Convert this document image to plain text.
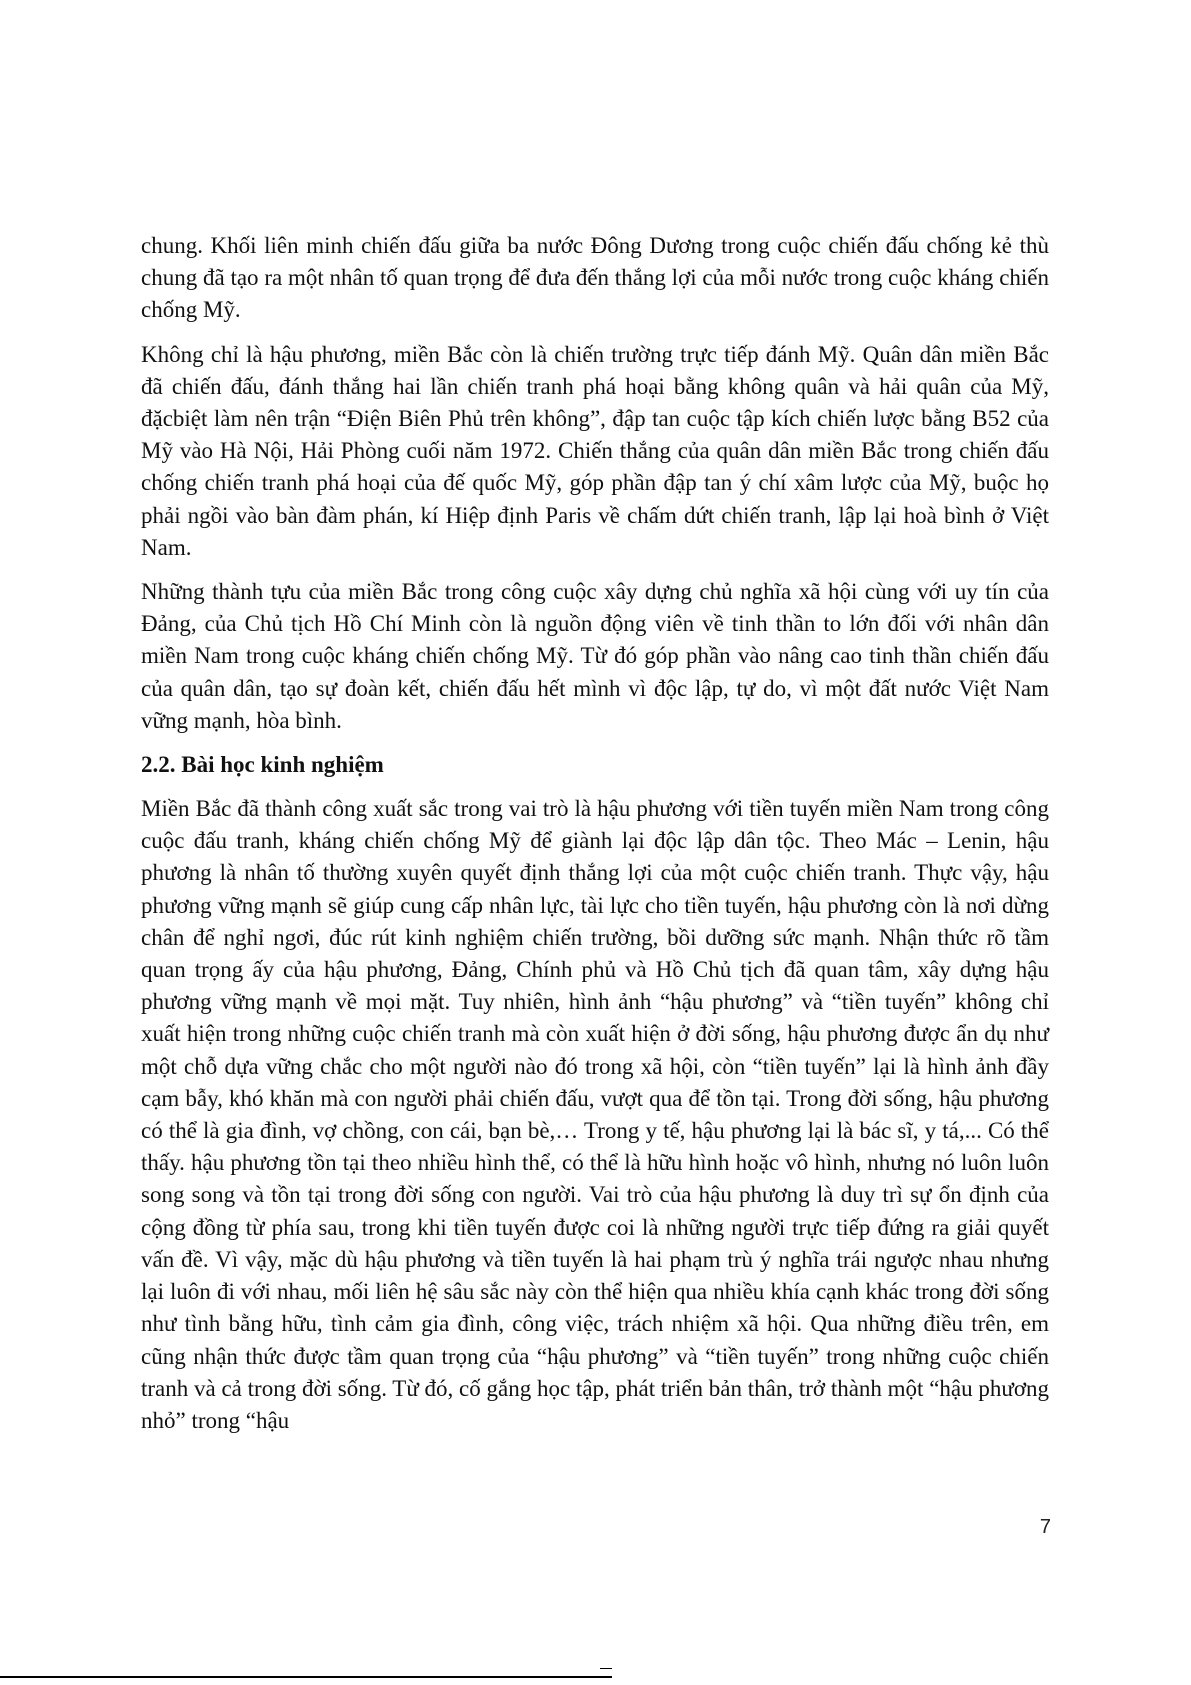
chung. Khối liên minh chiến đấu giữa ba nước Đông Dương trong cuộc chiến đấu chống kẻ thù chung đã tạo ra một nhân tố quan trọng để đưa đến thắng lợi của mỗi nước trong cuộc kháng chiến chống Mỹ.

Không chỉ là hậu phương, miền Bắc còn là chiến trường trực tiếp đánh Mỹ. Quân dân miền Bắc đã chiến đấu, đánh thắng hai lần chiến tranh phá hoại bằng không quân và hải quân của Mỹ, đặcbiệt làm nên trận “Điện Biên Phủ trên không”, đập tan cuộc tập kích chiến lược bằng B52 của Mỹ vào Hà Nội, Hải Phòng cuối năm 1972. Chiến thắng của quân dân miền Bắc trong chiến đấu chống chiến tranh phá hoại của đế quốc Mỹ, góp phần đập tan ý chí xâm lược của Mỹ, buộc họ phải ngồi vào bàn đàm phán, kí Hiệp định Paris về chấm dứt chiến tranh, lập lại hoà bình ở Việt Nam.

Những thành tựu của miền Bắc trong công cuộc xây dựng chủ nghĩa xã hội cùng với uy tín của Đảng, của Chủ tịch Hồ Chí Minh còn là nguồn động viên về tinh thần to lớn đối với nhân dân miền Nam trong cuộc kháng chiến chống Mỹ. Từ đó góp phần vào nâng cao tinh thần chiến đấu của quân dân, tạo sự đoàn kết, chiến đấu hết mình vì độc lập, tự do, vì một đất nước Việt Nam vững mạnh, hòa bình.

2.2. Bài học kinh nghiệm

Miền Bắc đã thành công xuất sắc trong vai trò là hậu phương với tiền tuyến miền Nam trong công cuộc đấu tranh, kháng chiến chống Mỹ để giành lại độc lập dân tộc. Theo Mác – Lenin, hậu phương là nhân tố thường xuyên quyết định thắng lợi của một cuộc chiến tranh. Thực vậy, hậu phương vững mạnh sẽ giúp cung cấp nhân lực, tài lực cho tiền tuyến, hậu phương còn là nơi dừng chân để nghỉ ngơi, đúc rút kinh nghiệm chiến trường, bồi dưỡng sức mạnh. Nhận thức rõ tầm quan trọng ấy của hậu phương, Đảng, Chính phủ và Hồ Chủ tịch đã quan tâm, xây dựng hậu phương vững mạnh về mọi mặt. Tuy nhiên, hình ảnh “hậu phương” và “tiền tuyến” không chỉ xuất hiện trong những cuộc chiến tranh mà còn xuất hiện ở đời sống, hậu phương được ẩn dụ như một chỗ dựa vững chắc cho một người nào đó trong xã hội, còn “tiền tuyến” lại là hình ảnh đầy cạm bẫy, khó khăn mà con người phải chiến đấu, vượt qua để tồn tại. Trong đời sống, hậu phương có thể là gia đình, vợ chồng, con cái, bạn bè,… Trong y tế, hậu phương lại là bác sĩ, y tá,... Có thể thấy. hậu phương tồn tại theo nhiều hình thể, có thể là hữu hình hoặc vô hình, nhưng nó luôn luôn song song và tồn tại trong đời sống con người. Vai trò của hậu phương là duy trì sự ổn định của cộng đồng từ phía sau, trong khi tiền tuyến được coi là những người trực tiếp đứng ra giải quyết vấn đề. Vì vậy, mặc dù hậu phương và tiền tuyến là hai phạm trù ý nghĩa trái ngược nhau nhưng lại luôn đi với nhau, mối liên hệ sâu sắc này còn thể hiện qua nhiều khía cạnh khác trong đời sống như tình bằng hữu, tình cảm gia đình, công việc, trách nhiệm xã hội. Qua những điều trên, em cũng nhận thức được tầm quan trọng của “hậu phương” và “tiền tuyến” trong những cuộc chiến tranh và cả trong đời sống. Từ đó, cố gắng học tập, phát triển bản thân, trở thành một “hậu phương nhỏ” trong “hậu

7
